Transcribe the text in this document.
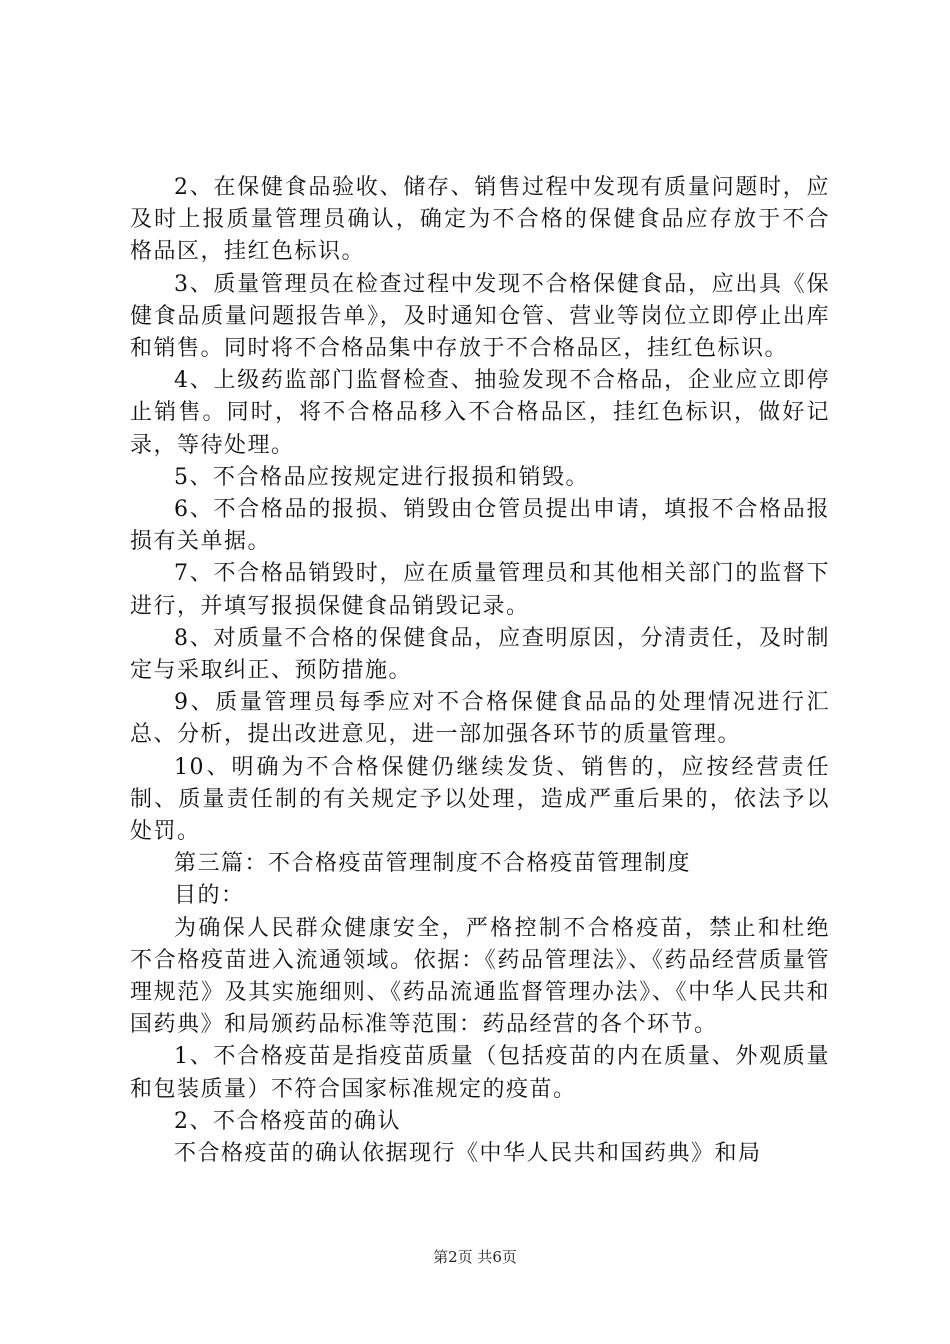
2、在保健食品验收、储存、销售过程中发现有质量问题时，应及时上报质量管理员确认，确定为不合格的保健食品应存放于不合格品区，挂红色标识。

3、质量管理员在检查过程中发现不合格保健食品，应出具《保健食品质量问题报告单》，及时通知仓管、营业等岗位立即停止出库和销售。同时将不合格品集中存放于不合格品区，挂红色标识。

4、上级药监部门监督检查、抽验发现不合格品，企业应立即停止销售。同时，将不合格品移入不合格品区，挂红色标识，做好记录，等待处理。

5、不合格品应按规定进行报损和销毁。

6、不合格品的报损、销毁由仓管员提出申请，填报不合格品报损有关单据。

7、不合格品销毁时，应在质量管理员和其他相关部门的监督下进行，并填写报损保健食品销毁记录。

8、对质量不合格的保健食品，应查明原因，分清责任，及时制定与采取纠正、预防措施。

9、质量管理员每季应对不合格保健食品品的处理情况进行汇总、分析，提出改进意见，进一部加强各环节的质量管理。

10、明确为不合格保健仍继续发货、销售的，应按经营责任制、质量责任制的有关规定予以处理，造成严重后果的，依法予以处罚。

第三篇：不合格疫苗管理制度不合格疫苗管理制度

目的：

为确保人民群众健康安全，严格控制不合格疫苗，禁止和杜绝不合格疫苗进入流通领域。依据：《药品管理法》、《药品经营质量管理规范》及其实施细则、《药品流通监督管理办法》、《中华人民共和国药典》和局颁药品标准等范围：药品经营的各个环节。

1、不合格疫苗是指疫苗质量（包括疫苗的内在质量、外观质量和包装质量）不符合国家标准规定的疫苗。

2、不合格疫苗的确认

不合格疫苗的确认依据现行《中华人民共和国药典》和局

第2页 共6页
